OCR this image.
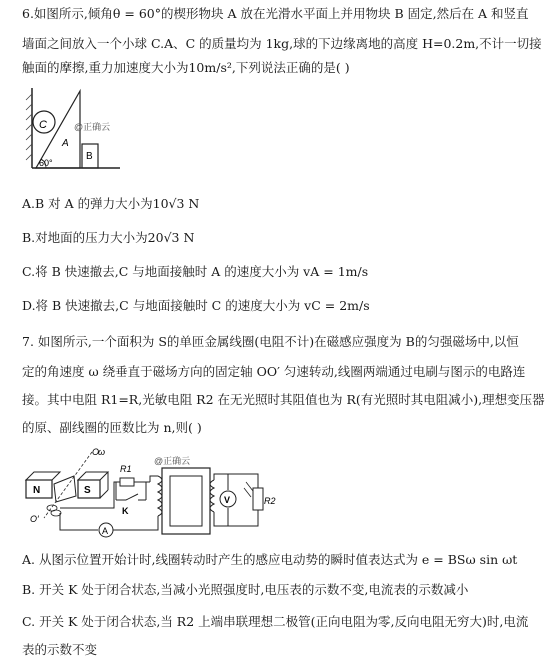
6.如图所示,倾角θ = 60°的楔形物块 A 放在光滑水平面上并用物块 B 固定,然后在 A 和竖直
墙面之间放入一个小球 C.A、C 的质量均为 1kg,球的下边缘离地的高度 H=0.2m,不计一切接
触面的摩擦,重力加速度大小为10m/s²,下列说法正确的是( )
C
A
B
60°
@正确云
A.B 对 A 的弹力大小为10√3 N
B.对地面的压力大小为20√3 N
C.将 B 快速撤去,C 与地面接触时 A 的速度大小为 vA = 1m/s
D.将 B 快速撤去,C 与地面接触时 C 的速度大小为 vC = 2m/s
7. 如图所示,一个面积为 S的单匝金属线圈(电阻不计)在磁感应强度为 B的匀强磁场中,以恒
定的角速度 ω 绕垂直于磁场方向的固定轴 OO′ 匀速转动,线圈两端通过电刷与图示的电路连
接。其中电阻 R1=R,光敏电阻 R2 在无光照时其阻值也为 R(有光照时其电阻减小),理想变压器
的原、副线圈的匝数比为 n,则( )
N	S
O
ω
O′
R1
K
A
V	R2
@正确云
A. 从图示位置开始计时,线圈转动时产生的感应电动势的瞬时值表达式为 e = BSω sin ωt
B. 开关 K 处于闭合状态,当减小光照强度时,电压表的示数不变,电流表的示数减小
C. 开关 K 处于闭合状态,当 R2 上端串联理想二极管(正向电阻为零,反向电阻无穷大)时,电流
表的示数不变
